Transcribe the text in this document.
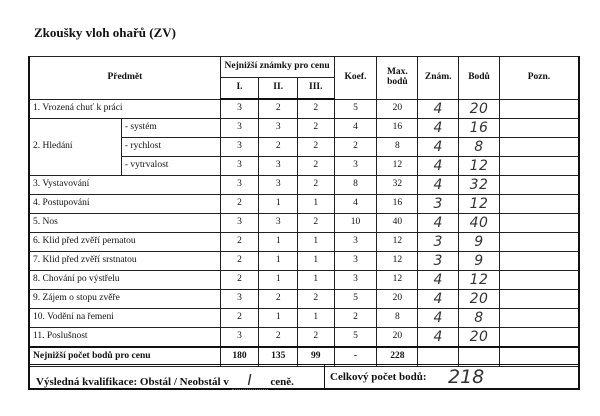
Zkoušky vloh ohařů (ZV)
Předmět		Nejnižší známky pro cenu			Koef.	Max. bodů	Znám.	Bodů	Pozn.
		I.	II.	III.					
1. Vrozená chuť k práci		3	2	2	5	20	4	20	
2. Hledání	- systém	3	3	2	4	16	4	16	
	- rychlost	3	2	2	2	8	4	8	
	- vytrvalost	3	3	2	3	12	4	12	
3. Vystavování		3	3	2	8	32	4	32	
4. Postupování		2	1	1	4	16	3	12	
5. Nos		3	3	2	10	40	4	40	
6. Klid před zvěří pernatou		2	1	1	3	12	3	9	
7. Klid před zvěří srstnatou		2	1	1	3	12	3	9	
8. Chování po výstřelu		2	1	1	3	12	4	12	
9. Zájem o stopu zvěře		3	2	2	5	20	4	20	
10. Vodění na řemeni		2	1	1	2	8	4	8	
11. Poslušnost		3	2	2	5	20	4	20	
Nejnižší počet bodů pro cenu		180	135	99	-	228			
Výsledná kvalifikace: Obstál / Neobstál v I ceně.	Celkový počet bodů: 218
